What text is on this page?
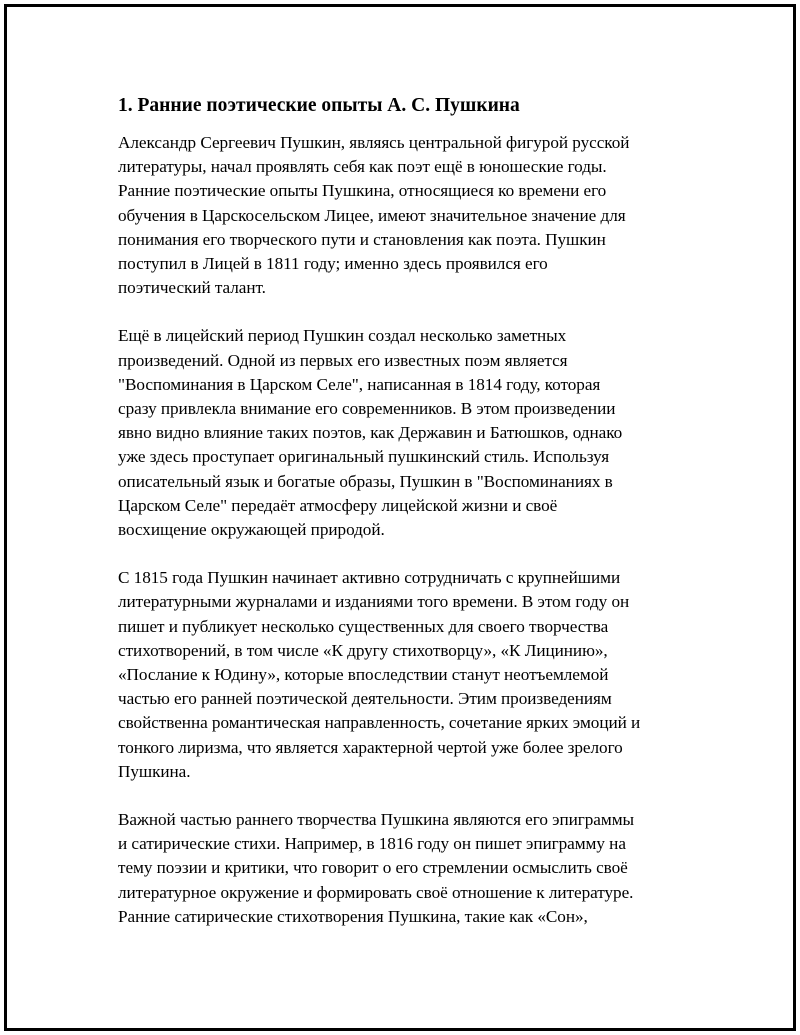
1. Ранние поэтические опыты А. С. Пушкина

Александр Сергеевич Пушкин, являясь центральной фигурой русской
литературы, начал проявлять себя как поэт ещё в юношеские годы.
Ранние поэтические опыты Пушкина, относящиеся ко времени его
обучения в Царскосельском Лицее, имеют значительное значение для
понимания его творческого пути и становления как поэта. Пушкин
поступил в Лицей в 1811 году; именно здесь проявился его
поэтический талант.

Ещё в лицейский период Пушкин создал несколько заметных
произведений. Одной из первых его известных поэм является
"Воспоминания в Царском Селе", написанная в 1814 году, которая
сразу привлекла внимание его современников. В этом произведении
явно видно влияние таких поэтов, как Державин и Батюшков, однако
уже здесь проступает оригинальный пушкинский стиль. Используя
описательный язык и богатые образы, Пушкин в "Воспоминаниях в
Царском Селе" передаёт атмосферу лицейской жизни и своё
восхищение окружающей природой.

С 1815 года Пушкин начинает активно сотрудничать с крупнейшими
литературными журналами и изданиями того времени. В этом году он
пишет и публикует несколько существенных для своего творчества
стихотворений, в том числе «К другу стихотворцу», «К Лицинию»,
«Послание к Юдину», которые впоследствии станут неотъемлемой
частью его ранней поэтической деятельности. Этим произведениям
свойственна романтическая направленность, сочетание ярких эмоций и
тонкого лиризма, что является характерной чертой уже более зрелого
Пушкина.

Важной частью раннего творчества Пушкина являются его эпиграммы
и сатирические стихи. Например, в 1816 году он пишет эпиграмму на
тему поэзии и критики, что говорит о его стремлении осмыслить своё
литературное окружение и формировать своё отношение к литературе.
Ранние сатирические стихотворения Пушкина, такие как «Сон»,
